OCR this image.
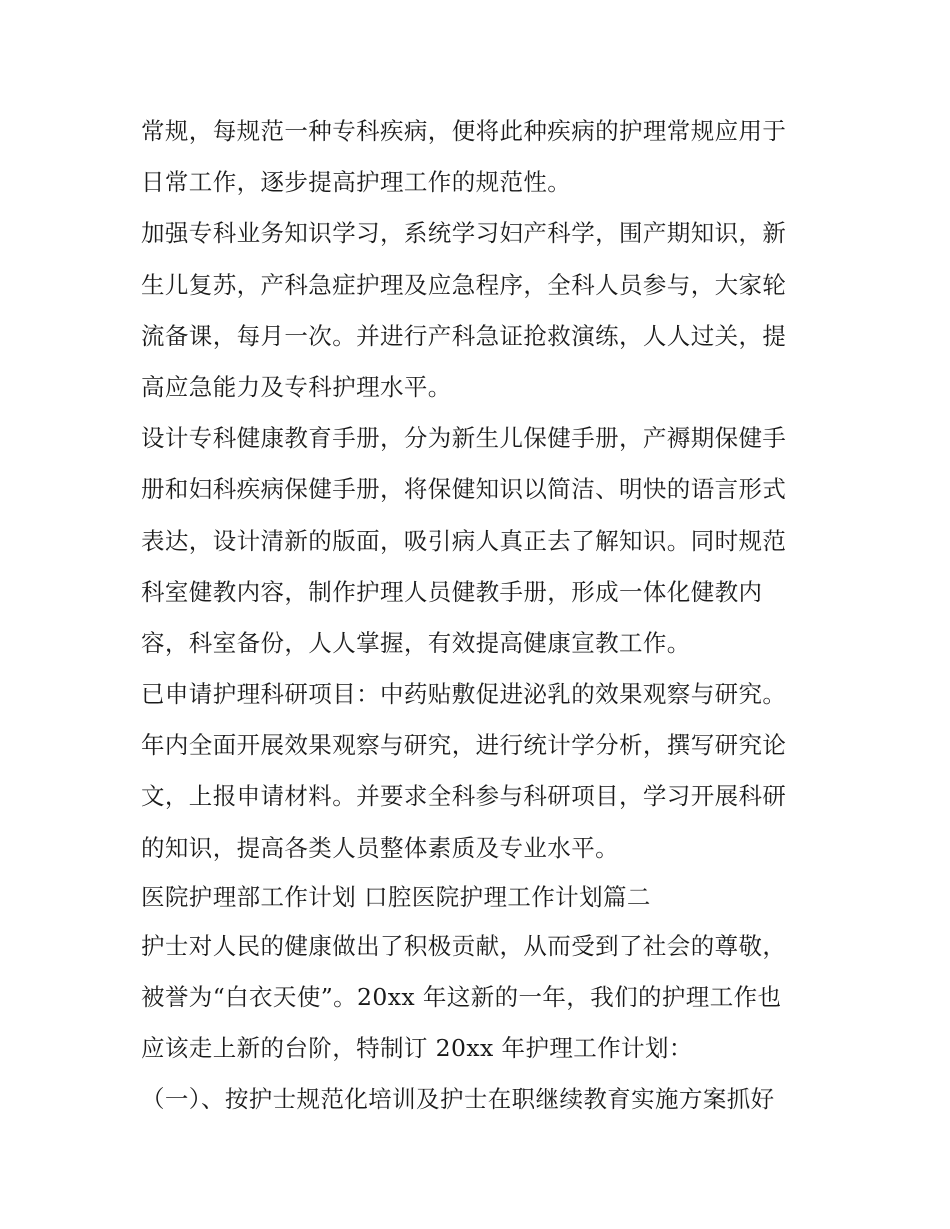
常规，每规范一种专科疾病，便将此种疾病的护理常规应用于
日常工作，逐步提高护理工作的规范性。
加强专科业务知识学习，系统学习妇产科学，围产期知识，新
生儿复苏，产科急症护理及应急程序，全科人员参与，大家轮
流备课，每月一次。并进行产科急证抢救演练，人人过关，提
高应急能力及专科护理水平。
设计专科健康教育手册，分为新生儿保健手册，产褥期保健手
册和妇科疾病保健手册，将保健知识以简洁、明快的语言形式
表达，设计清新的版面，吸引病人真正去了解知识。同时规范
科室健教内容，制作护理人员健教手册，形成一体化健教内
容，科室备份，人人掌握，有效提高健康宣教工作。
已申请护理科研项目：中药贴敷促进泌乳的效果观察与研究。
年内全面开展效果观察与研究，进行统计学分析，撰写研究论
文，上报申请材料。并要求全科参与科研项目，学习开展科研
的知识，提高各类人员整体素质及专业水平。
医院护理部工作计划 口腔医院护理工作计划篇二
护士对人民的健康做出了积极贡献，从而受到了社会的尊敬，
被誉为“白衣天使”。20xx 年这新的一年，我们的护理工作也
应该走上新的台阶，特制订 20xx 年护理工作计划：
（一）、按护士规范化培训及护士在职继续教育实施方案抓好
